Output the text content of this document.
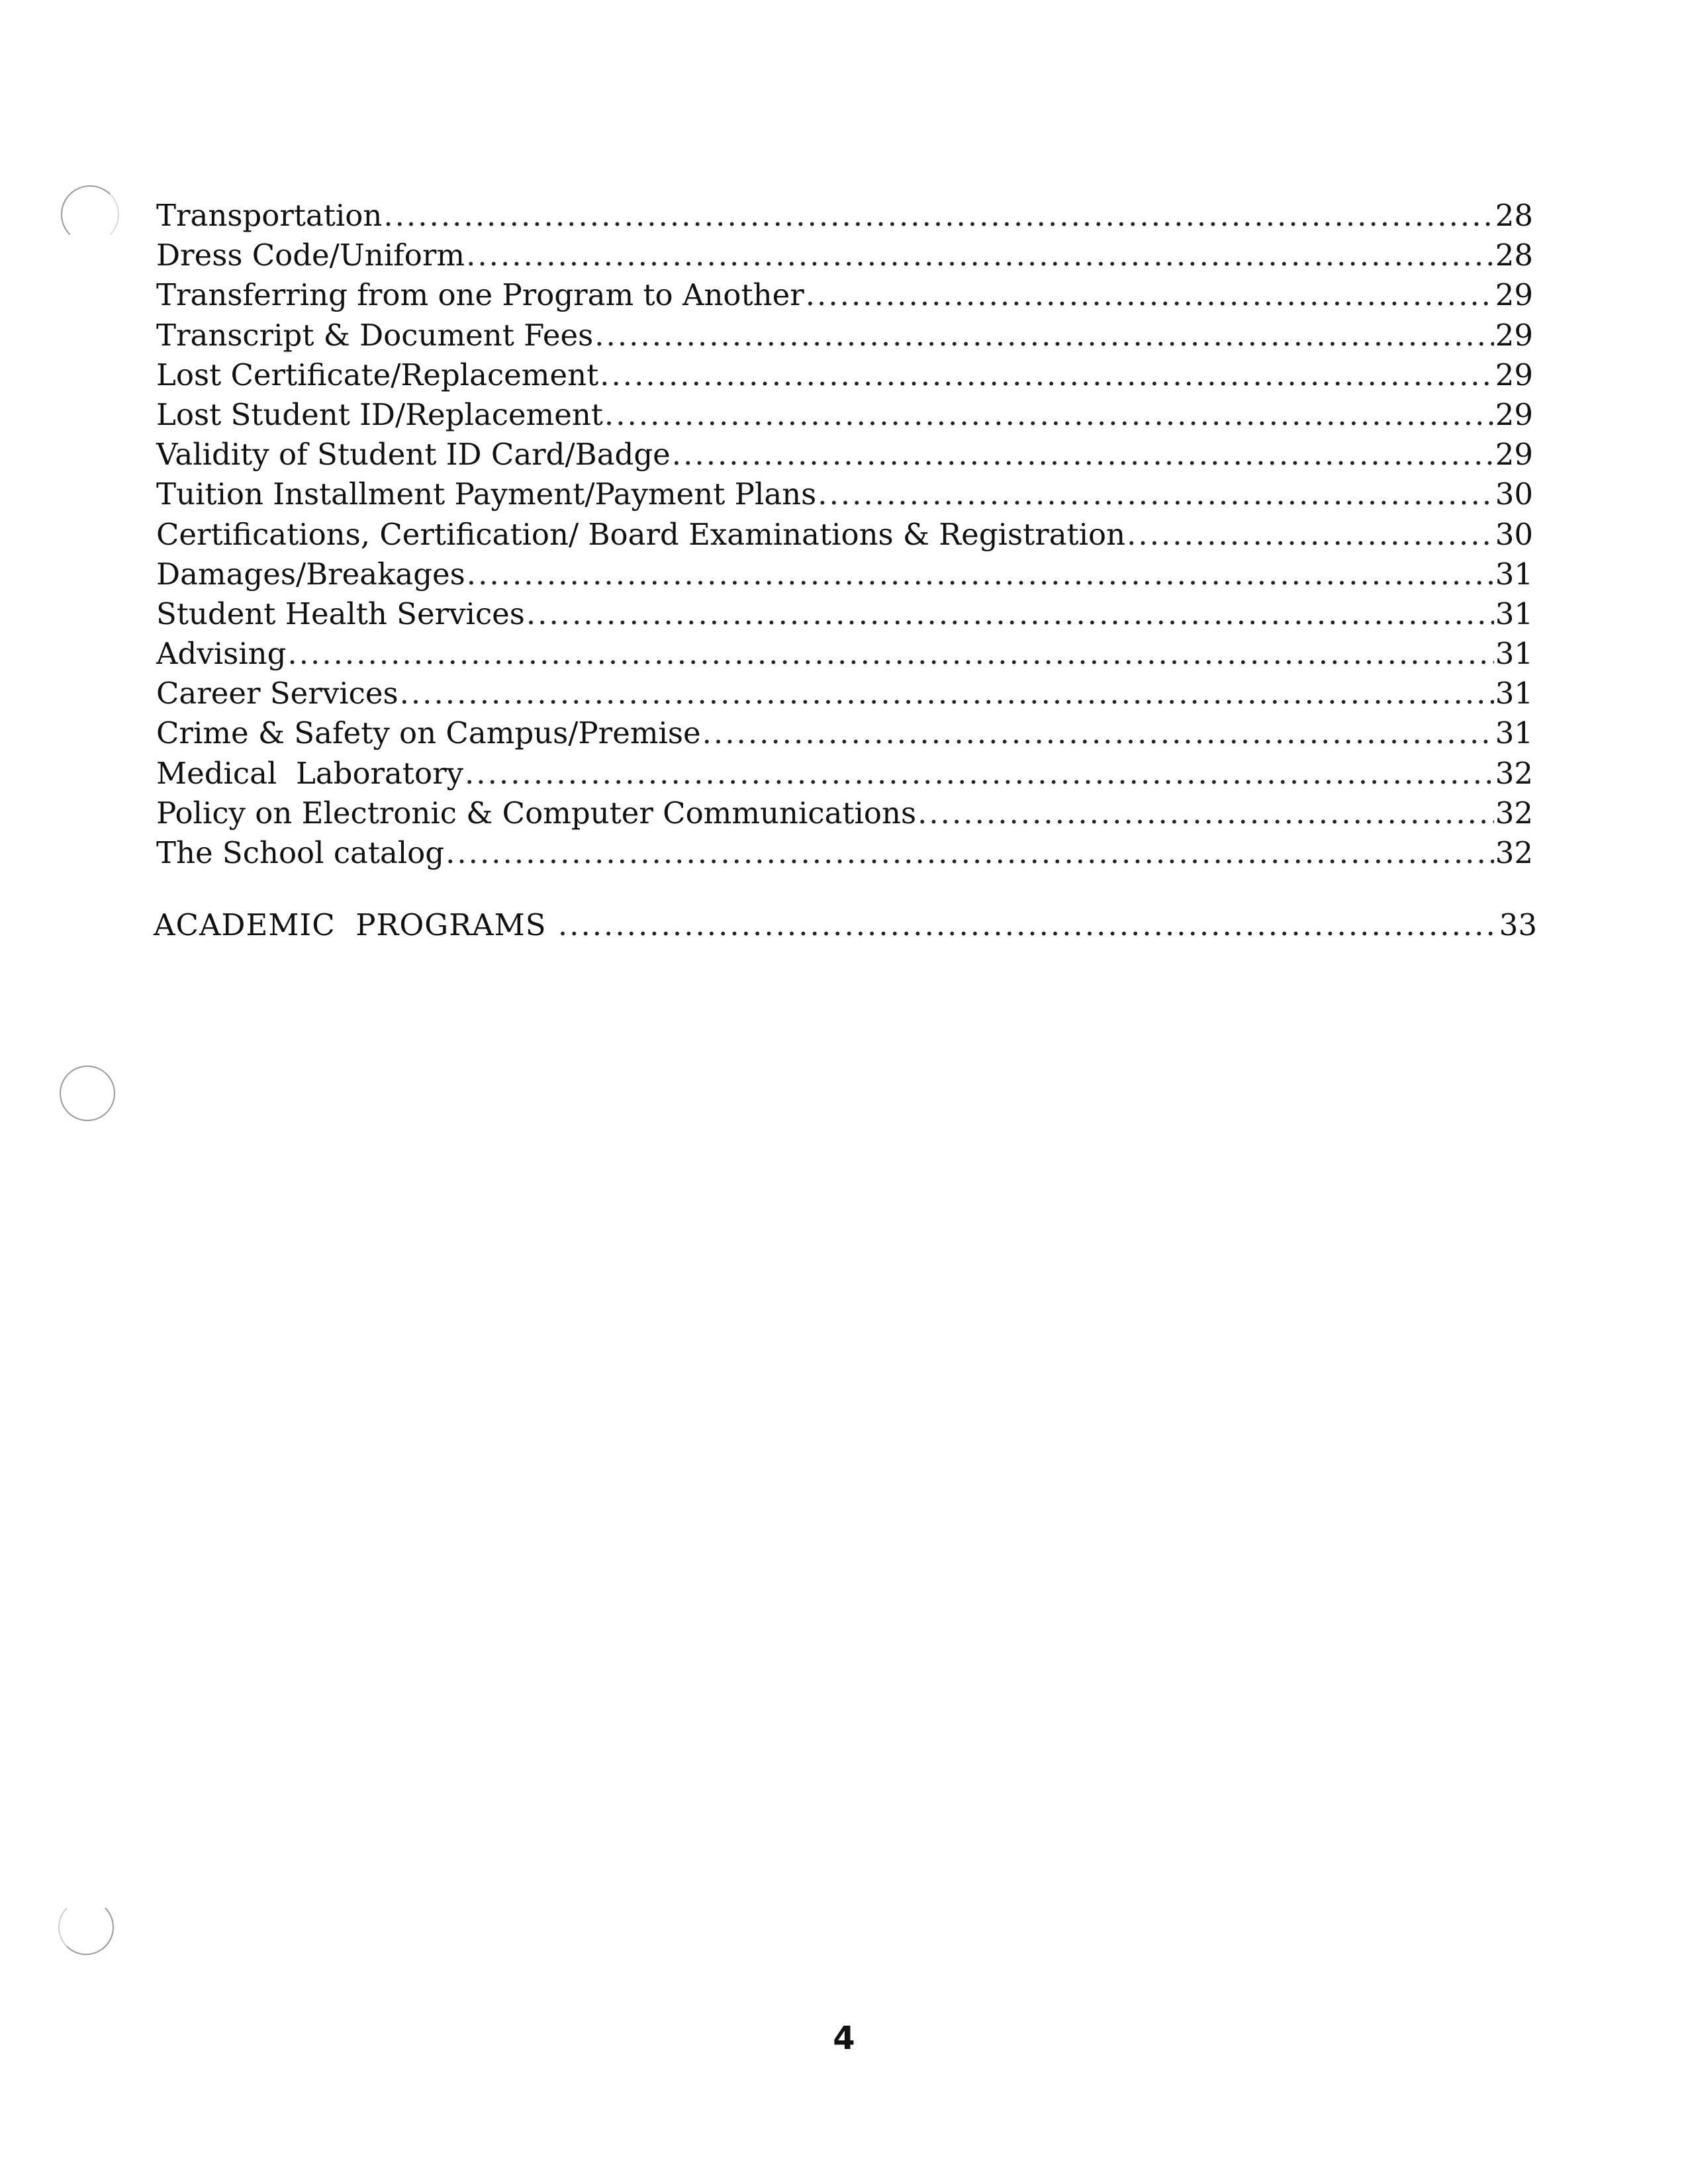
Transportation .....	28
Dress Code/Uniform .....	28
Transferring from one Program to Another .....	29
Transcript & Document Fees .....	29
Lost Certificate/Replacement .....	29
Lost Student ID/Replacement .....	29
Validity of Student ID Card/Badge .....	29
Tuition Installment Payment/Payment Plans .....	30
Certifications, Certification/ Board Examinations & Registration .....	30
Damages/Breakages .....	31
Student Health Services .....	31
Advising .....	31
Career Services .....	31
Crime & Safety on Campus/Premise .....	31
Medical  Laboratory .....	32
Policy on Electronic & Computer Communications .....	32
The School catalog .....	32
ACADEMIC  PROGRAMS .....	33
4
